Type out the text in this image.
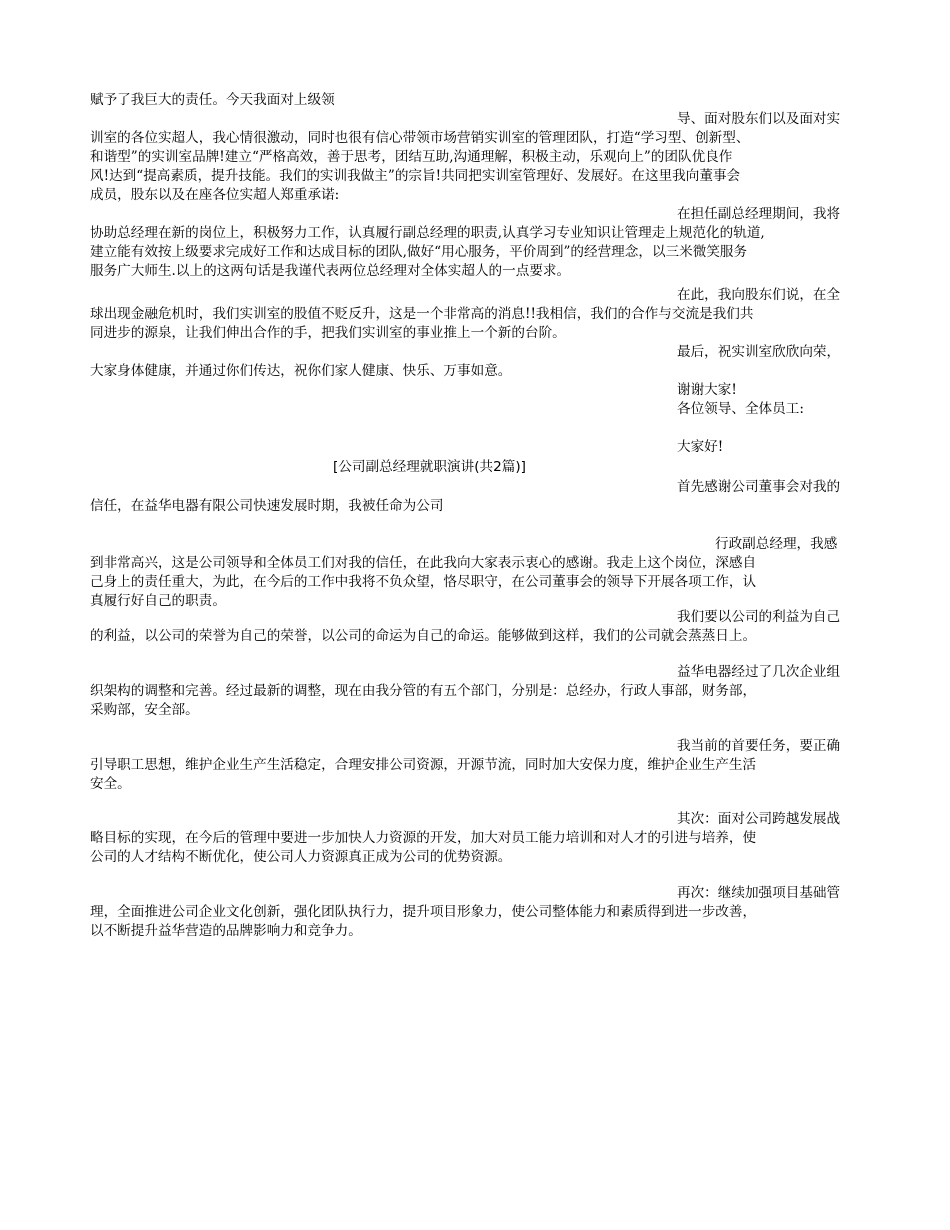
赋予了我巨大的责任。今天我面对上级领
导、面对股东们以及面对实
训室的各位实超人，我心情很激动，同时也很有信心带领市场营销实训室的管理团队，打造“学习型、创新型、
和谐型”的实训室品牌!建立“严格高效，善于思考，团结互助,沟通理解，积极主动，乐观向上”的团队优良作
风!达到“提高素质，提升技能。我们的实训我做主”的宗旨!共同把实训室管理好、发展好。在这里我向董事会
成员，股东以及在座各位实超人郑重承诺:
在担任副总经理期间，我将
协助总经理在新的岗位上，积极努力工作，认真履行副总经理的职责,认真学习专业知识让管理走上规范化的轨道,
建立能有效按上级要求完成好工作和达成目标的团队,做好“用心服务，平价周到”的经营理念，以三米微笑服务
服务广大师生.以上的这两句话是我谨代表两位总经理对全体实超人的一点要求。
在此，我向股东们说，在全
球出现金融危机时，我们实训室的股值不贬反升，这是一个非常高的消息!!我相信，我们的合作与交流是我们共
同进步的源泉，让我们伸出合作的手，把我们实训室的事业推上一个新的台阶。
最后，祝实训室欣欣向荣，
大家身体健康，并通过你们传达，祝你们家人健康、快乐、万事如意。
谢谢大家!
各位领导、全体员工:
大家好!
[公司副总经理就职演讲(共2篇)]
首先感谢公司董事会对我的
信任，在益华电器有限公司快速发展时期，我被任命为公司
行政副总经理，我感
到非常高兴，这是公司领导和全体员工们对我的信任，在此我向大家表示衷心的感谢。我走上这个岗位，深感自
己身上的责任重大，为此，在今后的工作中我将不负众望，恪尽职守，在公司董事会的领导下开展各项工作，认
真履行好自己的职责。
我们要以公司的利益为自己
的利益，以公司的荣誉为自己的荣誉，以公司的命运为自己的命运。能够做到这样，我们的公司就会蒸蒸日上。
益华电器经过了几次企业组
织架构的调整和完善。经过最新的调整，现在由我分管的有五个部门，分别是：总经办，行政人事部，财务部，
采购部，安全部。
我当前的首要任务，要正确
引导职工思想，维护企业生产生活稳定，合理安排公司资源，开源节流，同时加大安保力度，维护企业生产生活
安全。
其次：面对公司跨越发展战
略目标的实现，在今后的管理中要进一步加快人力资源的开发，加大对员工能力培训和对人才的引进与培养，使
公司的人才结构不断优化，使公司人力资源真正成为公司的优势资源。
再次：继续加强项目基础管
理，全面推进公司企业文化创新，强化团队执行力，提升项目形象力，使公司整体能力和素质得到进一步改善，
以不断提升益华营造的品牌影响力和竞争力。
